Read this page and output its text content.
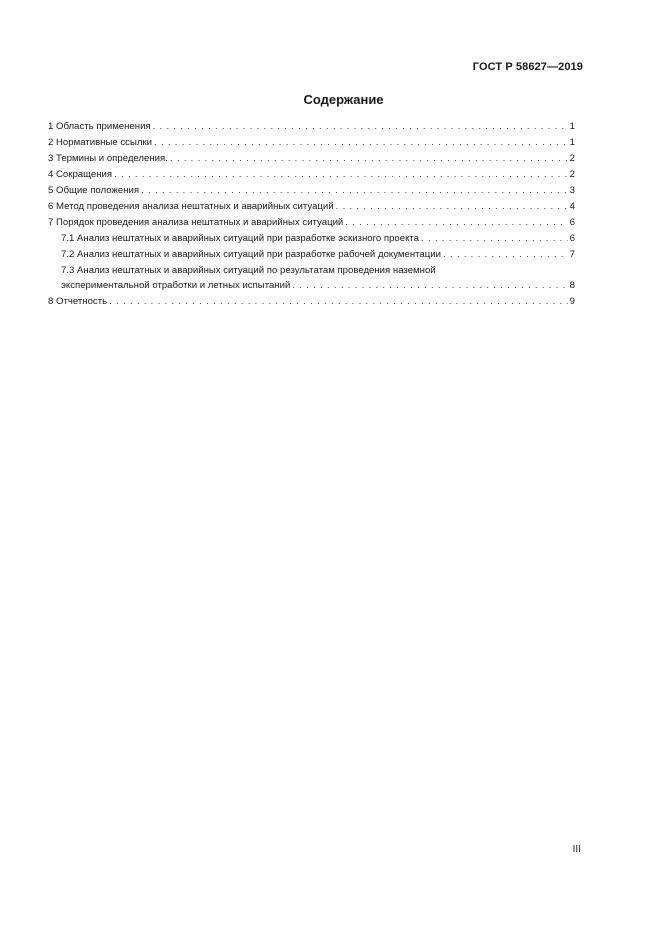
ГОСТ Р 58627—2019
Содержание
1 Область применения . . .	1
2 Нормативные ссылки . . .	1
3 Термины и определения. . . .	2
4 Сокращения . . .	2
5 Общие положения . . .	3
6 Метод проведения анализа нештатных и аварийных ситуаций . . .	4
7 Порядок проведения анализа нештатных и аварийных ситуаций . . .	6
7.1 Анализ нештатных и аварийных ситуаций при разработке эскизного проекта . . .	6
7.2 Анализ нештатных и аварийных ситуаций при разработке рабочей документации . . .	7
7.3 Анализ нештатных и аварийных ситуаций по результатам проведения наземной
экспериментальной отработки и летных испытаний . . .	8
8 Отчетность . . .	9
III
